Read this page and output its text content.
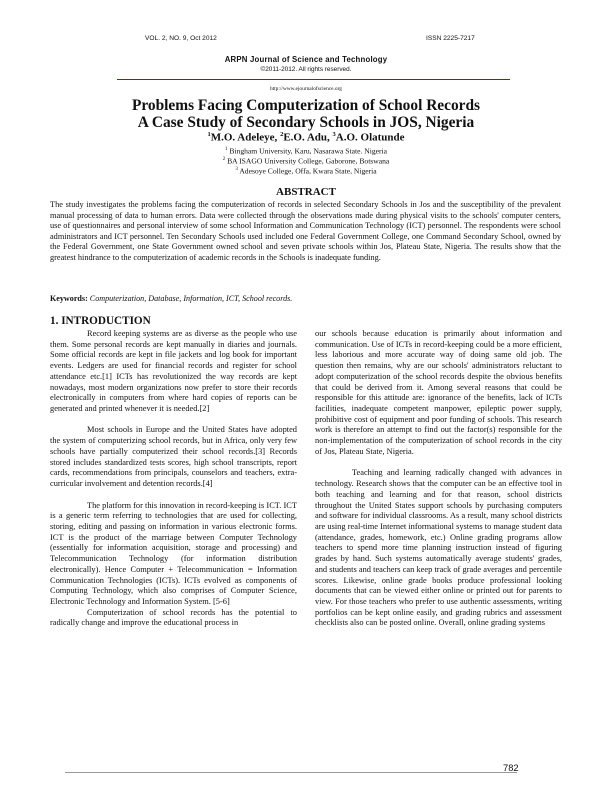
VOL. 2, NO. 9, Oct 2012	ISSN 2225-7217
ARPN Journal of Science and Technology
©2011-2012. All rights reserved.
http://www.ejournalofscience.org
Problems Facing Computerization of School Records
A Case Study of Secondary Schools in JOS, Nigeria
$^1$M.O. Adeleye, $^2$E.O. Adu, $^3$A.O. Olatunde
$^1$ Bingham University, Karu, Nasarawa State. Nigeria
$^2$ BA ISAGO University College, Gaborone, Botswana
$^3$ Adesoye College, Offa, Kwara State, Nigeria
ABSTRACT
The study investigates the problems facing the computerization of records in selected Secondary Schools in Jos and the susceptibility of the prevalent manual processing of data to human errors. Data were collected through the observations made during physical visits to the schools' computer centers, use of questionnaires and personal interview of some school Information and Communication Technology (ICT) personnel. The respondents were school administrators and ICT personnel. Ten Secondary Schools used included one Federal Government College, one Command Secondary School, owned by the Federal Government, one State Government owned school and seven private schools within Jos, Plateau State, Nigeria. The results show that the greatest hindrance to the computerization of academic records in the Schools is inadequate funding.
Keywords: Computerization, Database, Information, ICT, School records.
1. INTRODUCTION

Record keeping systems are as diverse as the people who use them. Some personal records are kept manually in diaries and journals. Some official records are kept in file jackets and log book for important events. Ledgers are used for financial records and register for school attendance etc.[1] ICTs has revolutionized the way records are kept nowadays, most modern organizations now prefer to store their records electronically in computers from where hard copies of reports can be generated and printed whenever it is needed.[2]

Most schools in Europe and the United States have adopted the system of computerizing school records, but in Africa, only very few schools have partially computerized their school records.[3] Records stored includes standardized tests scores, high school transcripts, report cards, recommendations from principals, counselors and teachers, extra-curricular involvement and detention records.[4]

The platform for this innovation in record-keeping is ICT. ICT is a generic term referring to technologies that are used for collecting, storing, editing and passing on information in various electronic forms. ICT is the product of the marriage between Computer Technology (essentially for information acquisition, storage and processing) and Telecommunication Technology (for information distribution electronically). Hence Computer + Telecommunication = Information Communication Technologies (ICTs). ICTs evolved as components of Computing Technology, which also comprises of Computer Science, Electronic Technology and Information System. [5-6]

Computerization of school records has the potential to radically change and improve the educational process in

our schools because education is primarily about information and communication. Use of ICTs in record-keeping could be a more efficient, less laborious and more accurate way of doing same old job. The question then remains, why are our schools' administrators reluctant to adopt computerization of the school records despite the obvious benefits that could be derived from it. Among several reasons that could be responsible for this attitude are: ignorance of the benefits, lack of ICTs facilities, inadequate competent manpower, epileptic power supply, prohibitive cost of equipment and poor funding of schools. This research work is therefore an attempt to find out the factor(s) responsible for the non-implementation of the computerization of school records in the city of Jos, Plateau State, Nigeria.

Teaching and learning radically changed with advances in technology. Research shows that the computer can be an effective tool in both teaching and learning and for that reason, school districts throughout the United States support schools by purchasing computers and software for individual classrooms. As a result, many school districts are using real-time Internet informational systems to manage student data (attendance, grades, homework, etc.) Online grading programs allow teachers to spend more time planning instruction instead of figuring grades by hand. Such systems automatically average students' grades, and students and teachers can keep track of grade averages and percentile scores. Likewise, online grade books produce professional looking documents that can be viewed either online or printed out for parents to view. For those teachers who prefer to use authentic assessments, writing portfolios can be kept online easily, and grading rubrics and assessment checklists also can be posted online. Overall, online grading systems

782
